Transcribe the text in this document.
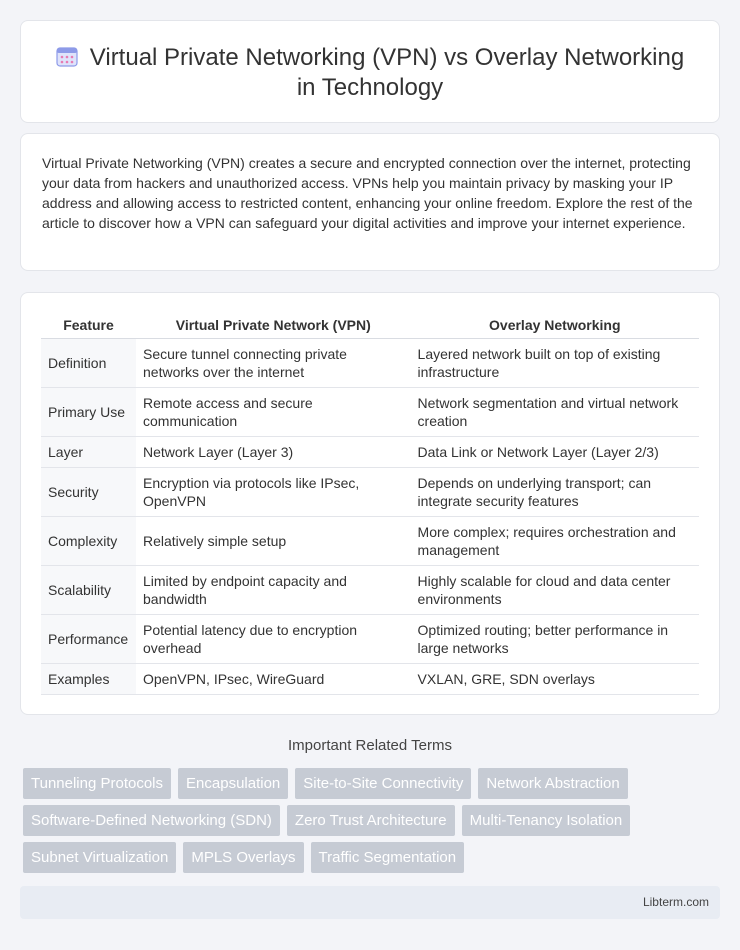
Virtual Private Networking (VPN) vs Overlay Networking
in Technology

Virtual Private Networking (VPN) creates a secure and encrypted connection over the internet, protecting your data from hackers and unauthorized access. VPNs help you maintain privacy by masking your IP address and allowing access to restricted content, enhancing your online freedom. Explore the rest of the article to discover how a VPN can safeguard your digital activities and improve your internet experience.

Feature	Virtual Private Network (VPN)	Overlay Networking
Definition	Secure tunnel connecting private networks over the internet	Layered network built on top of existing infrastructure
Primary Use	Remote access and secure communication	Network segmentation and virtual network creation
Layer	Network Layer (Layer 3)	Data Link or Network Layer (Layer 2/3)
Security	Encryption via protocols like IPsec, OpenVPN	Depends on underlying transport; can integrate security features
Complexity	Relatively simple setup	More complex; requires orchestration and management
Scalability	Limited by endpoint capacity and bandwidth	Highly scalable for cloud and data center environments
Performance	Potential latency due to encryption overhead	Optimized routing; better performance in large networks
Examples	OpenVPN, IPsec, WireGuard	VXLAN, GRE, SDN overlays
Important Related Terms
Tunneling Protocols	Encapsulation	Site-to-Site Connectivity	Network Abstraction
Software-Defined Networking (SDN)	Zero Trust Architecture	Multi-Tenancy Isolation
Subnet Virtualization	MPLS Overlays	Traffic Segmentation
Libterm.com
